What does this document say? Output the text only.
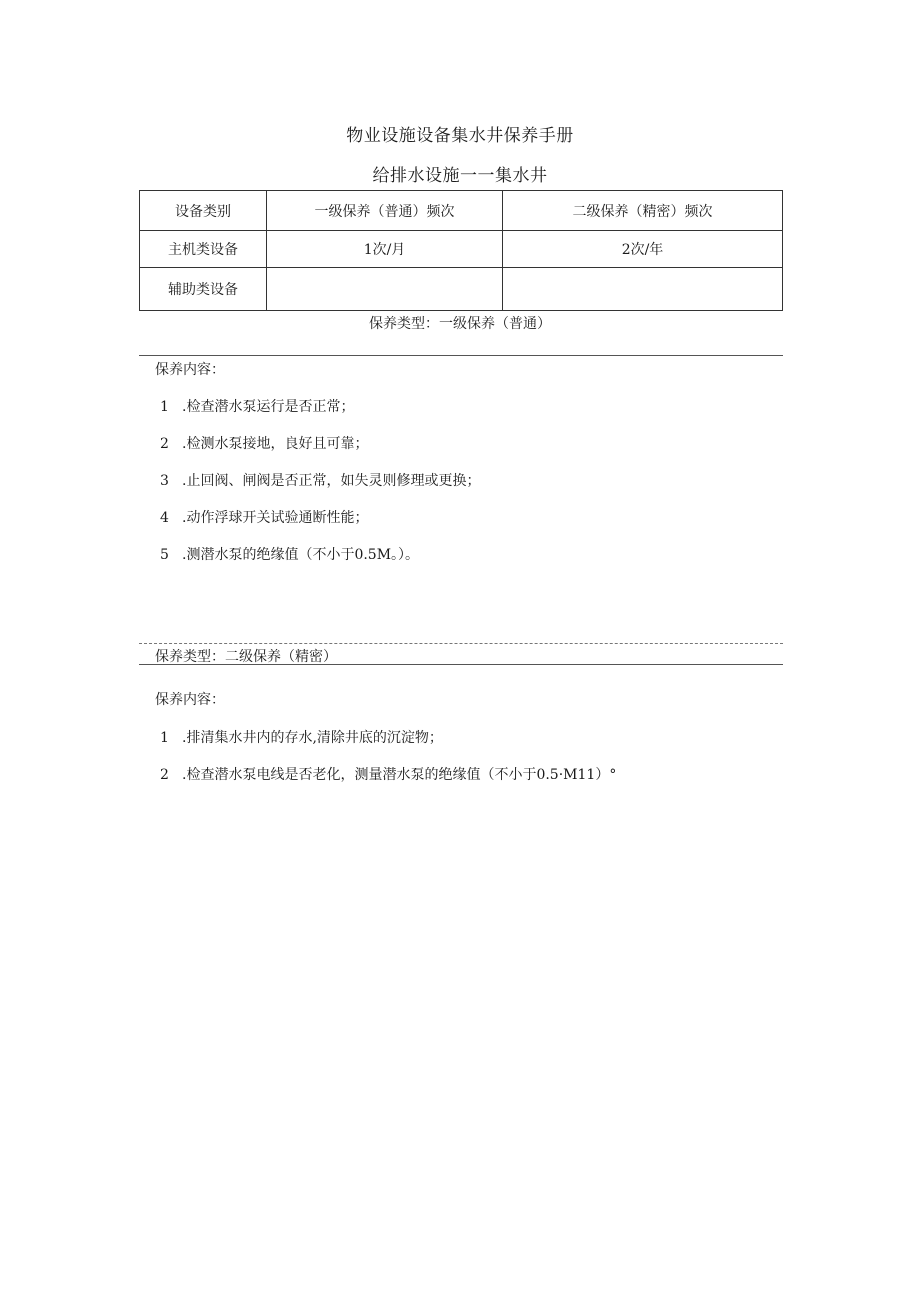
物业设施设备集水井保养手册
给排水设施一一集水井
设备类别	一级保养（普通）频次	二级保养（精密）频次
主机类设备	1次/月	2次/年
辅助类设备		
保养类型：一级保养（普通）
保养内容：
1 .检查潜水泵运行是否正常；
2 .检测水泵接地，良好且可靠；
3 .止回阀、闸阀是否正常，如失灵则修理或更换；
4 .动作浮球开关试验通断性能；
5 .测潜水泵的绝缘值（不小于0.5M。）。
保养类型：二级保养（精密）
保养内容：
1 .排清集水井内的存水,清除井底的沉淀物；
2 .检查潜水泵电线是否老化，测量潜水泵的绝缘值（不小于0.5·M11）°
